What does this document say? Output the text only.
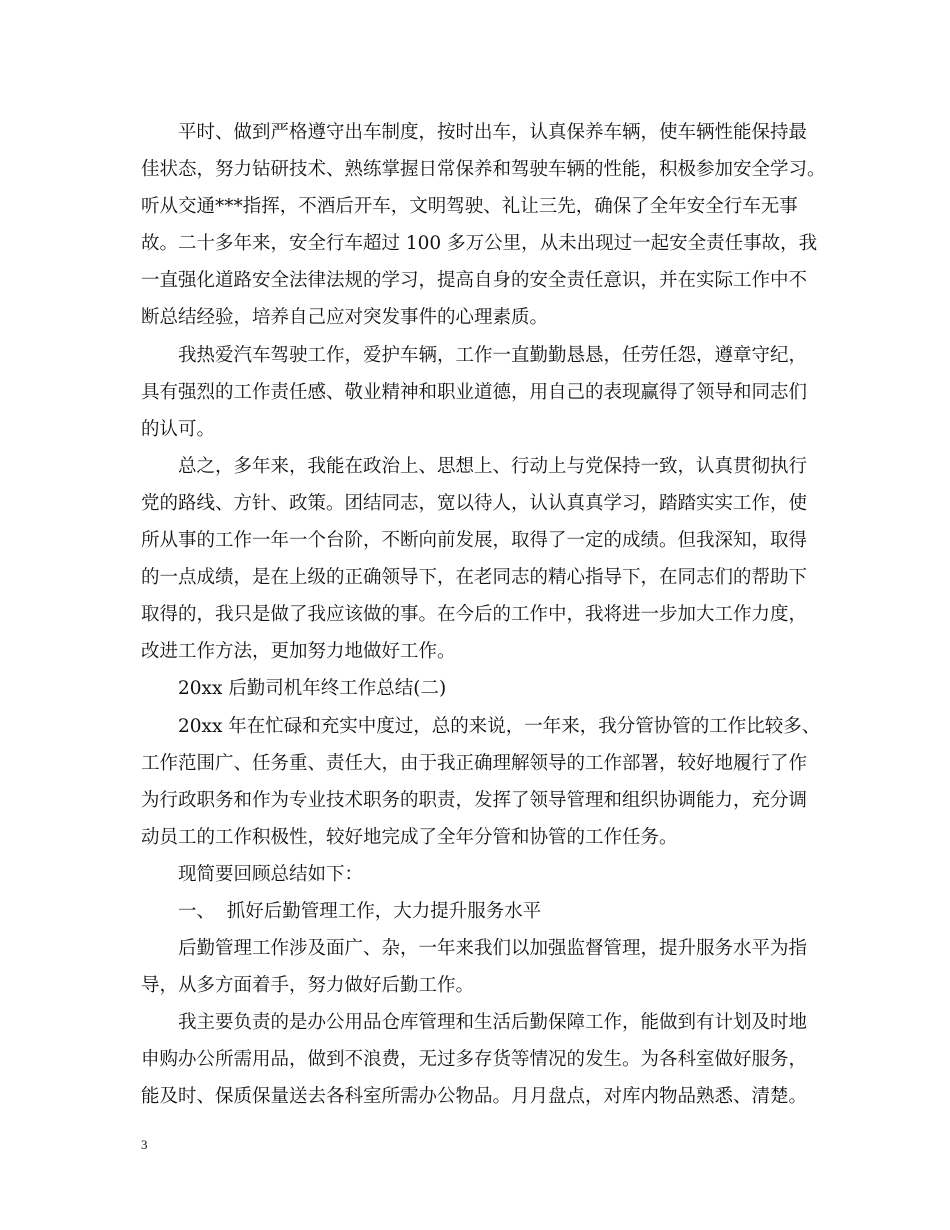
平时、做到严格遵守出车制度，按时出车，认真保养车辆，使车辆性能保持最
佳状态，努力钻研技术、熟练掌握日常保养和驾驶车辆的性能，积极参加安全学习。
听从交通***指挥，不酒后开车，文明驾驶、礼让三先，确保了全年安全行车无事
故。二十多年来，安全行车超过 100 多万公里，从未出现过一起安全责任事故，我
一直强化道路安全法律法规的学习，提高自身的安全责任意识，并在实际工作中不
断总结经验，培养自己应对突发事件的心理素质。
我热爱汽车驾驶工作，爱护车辆，工作一直勤勤恳恳，任劳任怨，遵章守纪，
具有强烈的工作责任感、敬业精神和职业道德，用自己的表现赢得了领导和同志们
的认可。
总之，多年来，我能在政治上、思想上、行动上与党保持一致，认真贯彻执行
党的路线、方针、政策。团结同志，宽以待人，认认真真学习，踏踏实实工作，使
所从事的工作一年一个台阶，不断向前发展，取得了一定的成绩。但我深知，取得
的一点成绩，是在上级的正确领导下，在老同志的精心指导下，在同志们的帮助下
取得的，我只是做了我应该做的事。在今后的工作中，我将进一步加大工作力度，
改进工作方法，更加努力地做好工作。
20xx 后勤司机年终工作总结(二)
20xx 年在忙碌和充实中度过，总的来说，一年来，我分管协管的工作比较多、
工作范围广、任务重、责任大，由于我正确理解领导的工作部署，较好地履行了作
为行政职务和作为专业技术职务的职责，发挥了领导管理和组织协调能力，充分调
动员工的工作积极性，较好地完成了全年分管和协管的工作任务。
现简要回顾总结如下：
一、  抓好后勤管理工作，大力提升服务水平
后勤管理工作涉及面广、杂，一年来我们以加强监督管理，提升服务水平为指
导，从多方面着手，努力做好后勤工作。
我主要负责的是办公用品仓库管理和生活后勤保障工作，能做到有计划及时地
申购办公所需用品，做到不浪费，无过多存货等情况的发生。为各科室做好服务，
能及时、保质保量送去各科室所需办公物品。月月盘点，对库内物品熟悉、清楚。
3
